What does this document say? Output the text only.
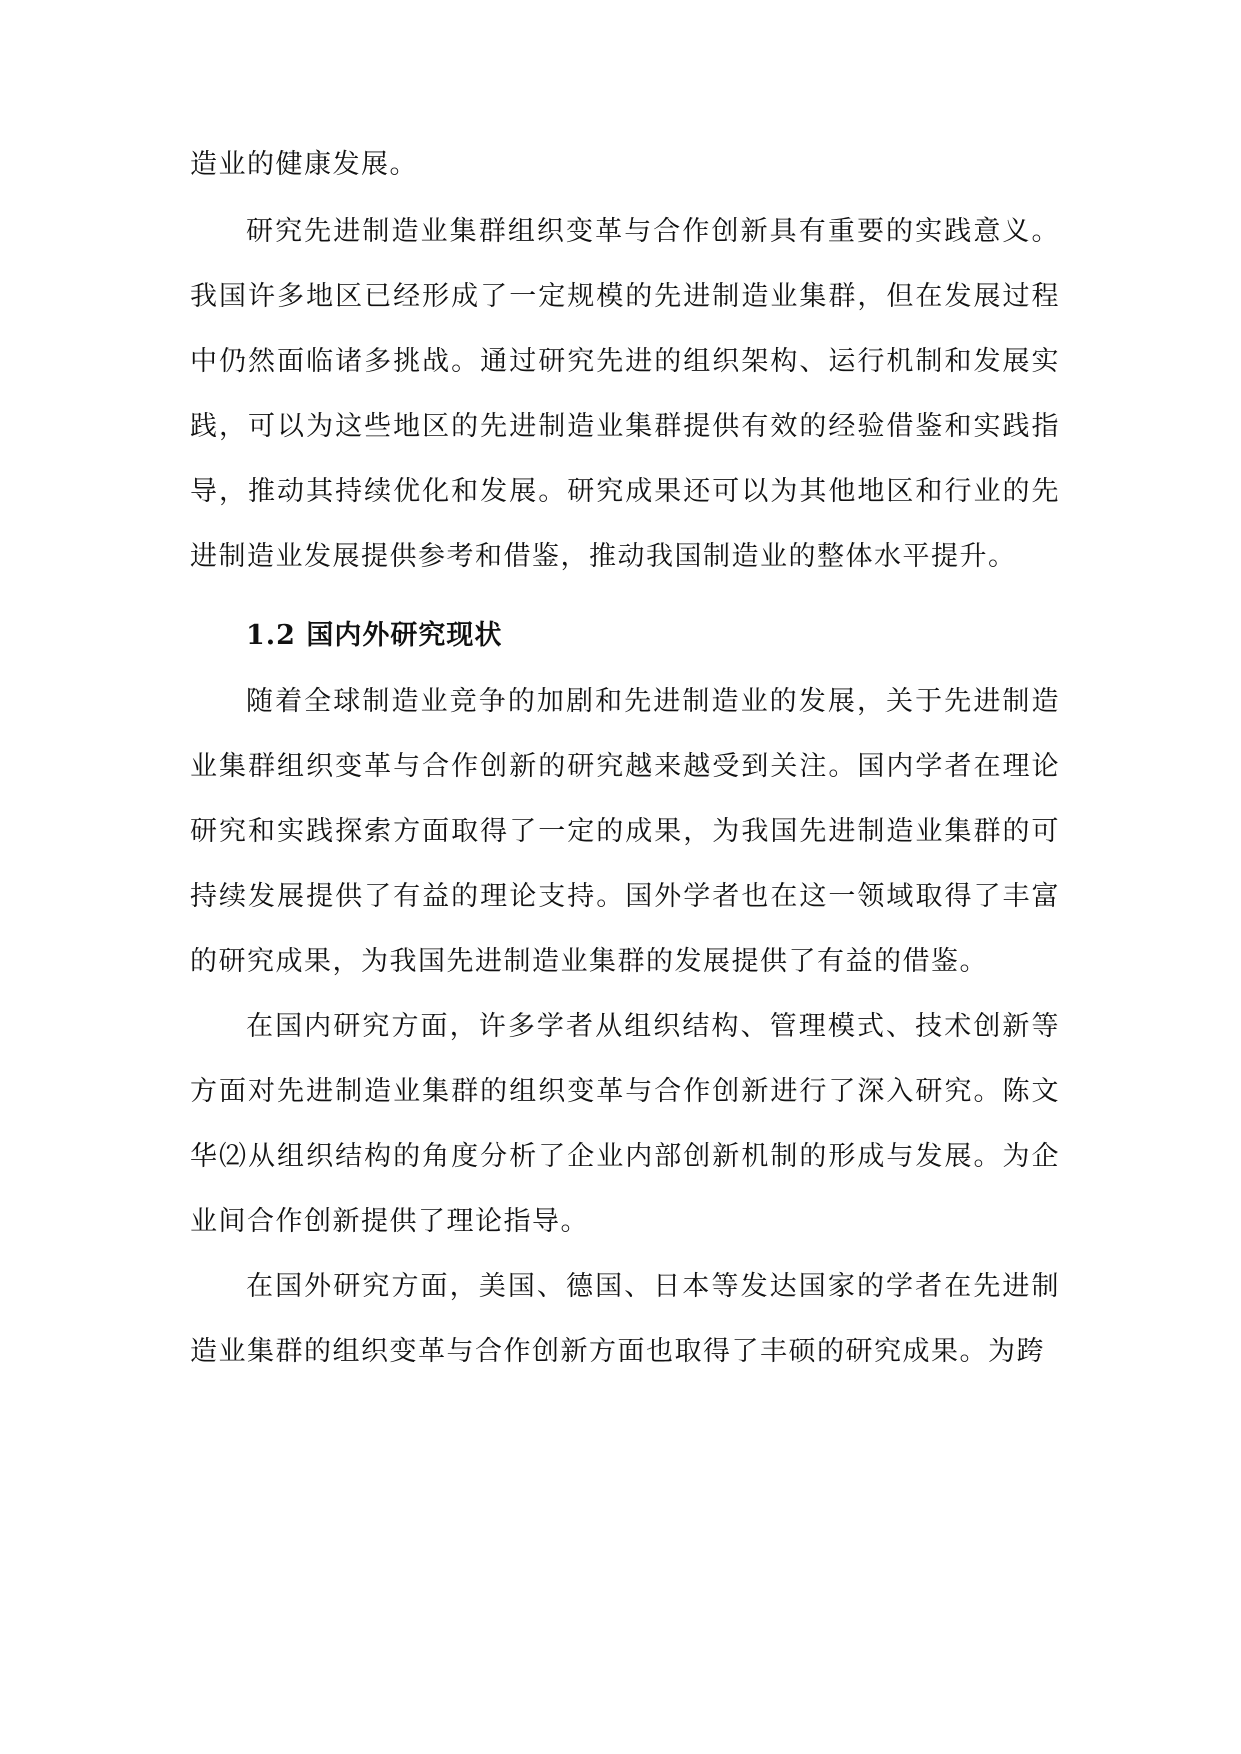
造业的健康发展。

研究先进制造业集群组织变革与合作创新具有重要的实践意义。我国许多地区已经形成了一定规模的先进制造业集群，但在发展过程中仍然面临诸多挑战。通过研究先进的组织架构、运行机制和发展实践，可以为这些地区的先进制造业集群提供有效的经验借鉴和实践指导，推动其持续优化和发展。研究成果还可以为其他地区和行业的先进制造业发展提供参考和借鉴，推动我国制造业的整体水平提升。

1.2 国内外研究现状

随着全球制造业竞争的加剧和先进制造业的发展，关于先进制造业集群组织变革与合作创新的研究越来越受到关注。国内学者在理论研究和实践探索方面取得了一定的成果，为我国先进制造业集群的可持续发展提供了有益的理论支持。国外学者也在这一领域取得了丰富的研究成果，为我国先进制造业集群的发展提供了有益的借鉴。

在国内研究方面，许多学者从组织结构、管理模式、技术创新等方面对先进制造业集群的组织变革与合作创新进行了深入研究。陈文华⑵从组织结构的角度分析了企业内部创新机制的形成与发展。为企业间合作创新提供了理论指导。

在国外研究方面，美国、德国、日本等发达国家的学者在先进制造业集群的组织变革与合作创新方面也取得了丰硕的研究成果。为跨
